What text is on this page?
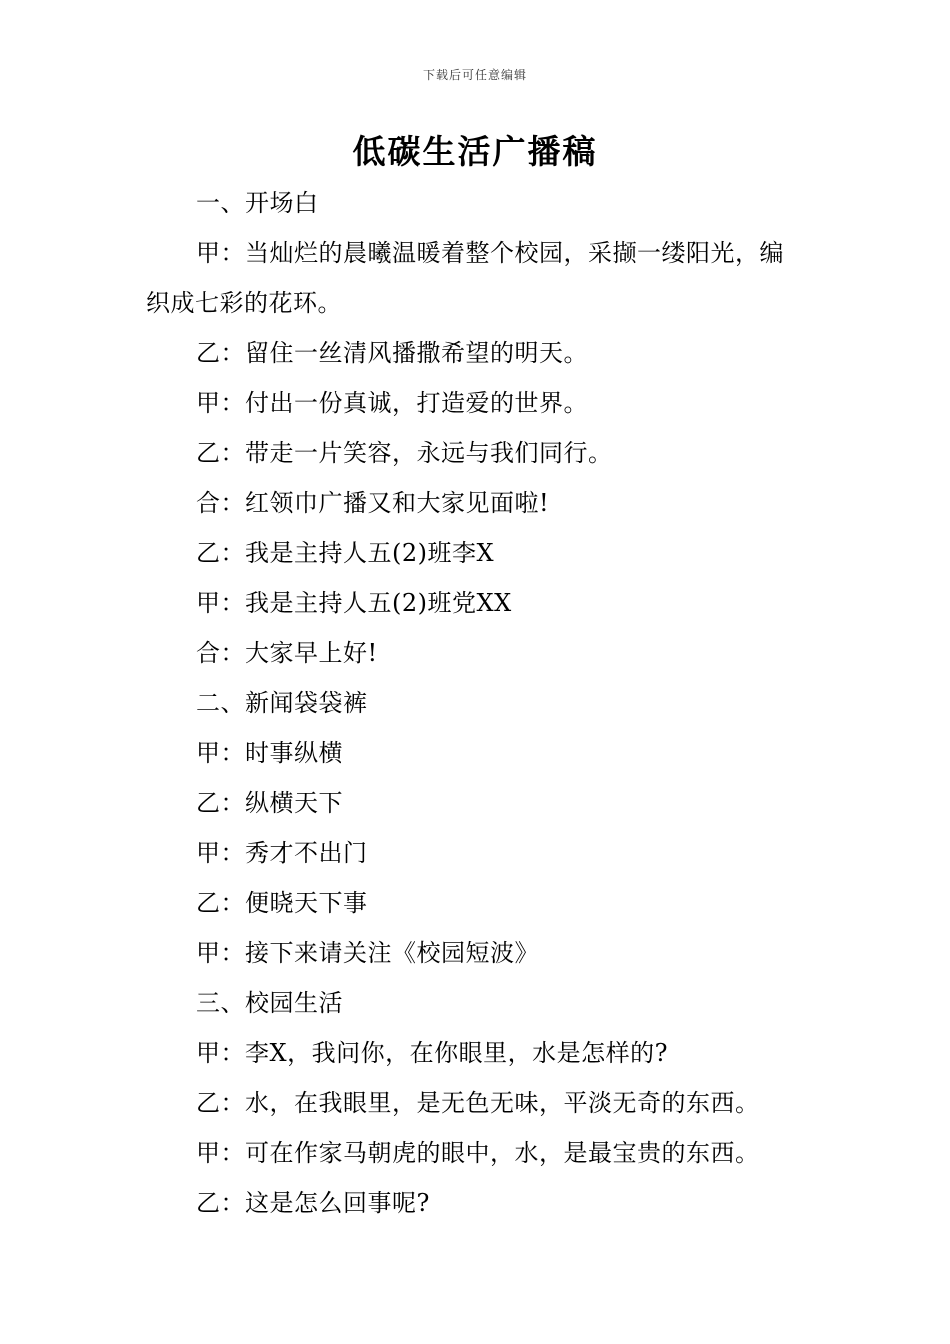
下载后可任意编辑
低碳生活广播稿

一、开场白

甲：当灿烂的晨曦温暖着整个校园，采撷一缕阳光，编织成七彩的花环。

乙：留住一丝清风播撒希望的明天。

甲：付出一份真诚，打造爱的世界。

乙：带走一片笑容，永远与我们同行。

合：红领巾广播又和大家见面啦!

乙：我是主持人五(2)班李X

甲：我是主持人五(2)班党XX

合：大家早上好!

二、新闻袋袋裤

甲：时事纵横

乙：纵横天下

甲：秀才不出门

乙：便晓天下事

甲：接下来请关注《校园短波》

三、校园生活

甲：李X，我问你，在你眼里，水是怎样的?

乙：水，在我眼里，是无色无味，平淡无奇的东西。

甲：可在作家马朝虎的眼中，水，是最宝贵的东西。

乙：这是怎么回事呢?
